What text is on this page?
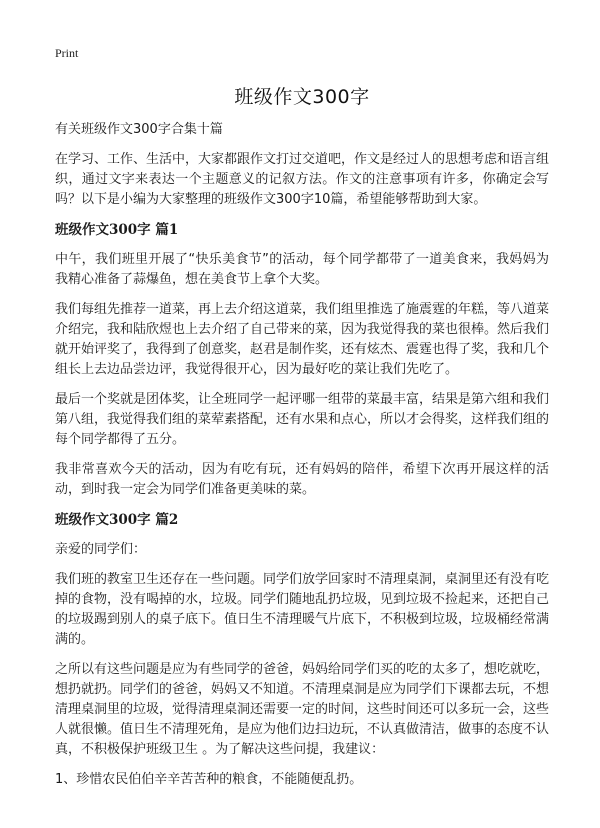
Print
班级作文300字
有关班级作文300字合集十篇

在学习、工作、生活中，大家都跟作文打过交道吧，作文是经过人的思想考虑和语言组织，通过文字来表达一个主题意义的记叙方法。作文的注意事项有许多，你确定会写吗？以下是小编为大家整理的班级作文300字10篇，希望能够帮助到大家。

班级作文300字 篇1

中午，我们班里开展了“快乐美食节”的活动，每个同学都带了一道美食来，我妈妈为我精心准备了蒜爆鱼，想在美食节上拿个大奖。

我们每组先推荐一道菜，再上去介绍这道菜，我们组里推选了施震霆的年糕，等八道菜介绍完，我和陆欣煜也上去介绍了自己带来的菜，因为我觉得我的菜也很棒。然后我们就开始评奖了，我得到了创意奖，赵君是制作奖，还有炫杰、震霆也得了奖，我和几个组长上去边品尝边评，我觉得很开心，因为最好吃的菜让我们先吃了。

最后一个奖就是团体奖，让全班同学一起评哪一组带的菜最丰富，结果是第六组和我们第八组，我觉得我们组的菜荤素搭配，还有水果和点心，所以才会得奖，这样我们组的每个同学都得了五分。

我非常喜欢今天的活动，因为有吃有玩，还有妈妈的陪伴，希望下次再开展这样的活动，到时我一定会为同学们准备更美味的菜。

班级作文300字 篇2

亲爱的同学们：

我们班的教室卫生还存在一些问题。同学们放学回家时不清理桌洞，桌洞里还有没有吃掉的食物，没有喝掉的水，垃圾。同学们随地乱扔垃圾，见到垃圾不捡起来，还把自己的垃圾踢到别人的桌子底下。值日生不清理暖气片底下，不积极到垃圾，垃圾桶经常满满的。

之所以有这些问题是应为有些同学的爸爸，妈妈给同学们买的吃的太多了，想吃就吃，想扔就扔。同学们的爸爸，妈妈又不知道。不清理桌洞是应为同学们下课都去玩，不想清理桌洞里的垃圾，觉得清理桌洞还需要一定的时间，这些时间还可以多玩一会，这些人就很懒。值日生不清理死角，是应为他们边扫边玩，不认真做清洁，做事的态度不认真，不积极保护班级卫生 。为了解决这些问提，我建议：

1、珍惜农民伯伯辛辛苦苦种的粮食，不能随便乱扔。
